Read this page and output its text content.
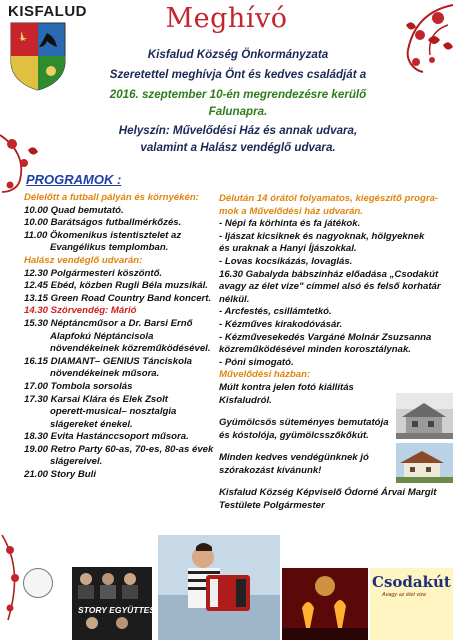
KISFALUD	Meghívó
Kisfalud Község Önkormányzata
Szeretettel meghívja Önt és kedves családját a
2016. szeptember 10-én megrendezésre kerülő
Falunapra.
Helyszín: Művelődési Ház és annak udvara,
valamint a Halász vendéglő udvara.
PROGRAMOK :
Délelőtt a futball pályán és környékén:
10.00 Quad bemutató.
10.00 Barátságos futballmérkőzés.
11.00 Ökomenikus istentisztelet az
Evangélikus templomban.
Halász vendéglő udvarán:
12.30 Polgármesteri köszöntő.
12.45 Ebéd, közben Rugli Béla muzsikál.
13.15 Green Road Country Band koncert.
14.30 Szörvendég: Márió
15.30 Néptáncműsor a Dr. Barsi Ernő
Alapfokú Néptáncisola
növendékeinek közreműködésével.
16.15 DIAMANT– GENIUS Tánciskola
növendékeinek műsora.
17.00 Tombola sorsolás
17.30 Karsai Klára és Elek Zsolt
operett-musical– nosztalgia
slágereket énekel.
18.30 Evita Hastánccsoport műsora.
19.00 Retro Party 60-as, 70-es, 80-as évek
slágereivel.
21.00 Story Buli
Délután 14 órától folyamatos, kiegészítő progra-
mok a Művelődési ház udvarán.
- Népi fa körhinta és fa játékok.
- Ijászat kicsiknek és nagyoknak, hölgyeknek
és uraknak a Hanyi Íjászokkal.
- Lovas kocsikázás, lovaglás.
16.30 Gabalyda bábszínház előadása „Csodakút
avagy az élet vize" címmel alsó és felső korhatár
nélkül.
- Arcfestés, csillámtetkó.
- Kézműves kirakodóvásár.
- Kézművesekedés Vargáné Molnár Zsuzsanna
közreműködésével minden korosztálynak.
- Póni simogató.
Művelődési házban:
Múlt kontra jelen fotó kiállítás
Kisfaludról.
Gyümölcsös süteményes bemutatója
és kóstolója, gyümölcsszőkőkút.
Minden kedves vendégünknek jó
szórakozást kívánunk!
Kisfalud Község Képviselő Ódorné Árvai Margit
Testülete Polgármester
STORY EGYÜTTES
Csodakút
Avagy az élet vize
